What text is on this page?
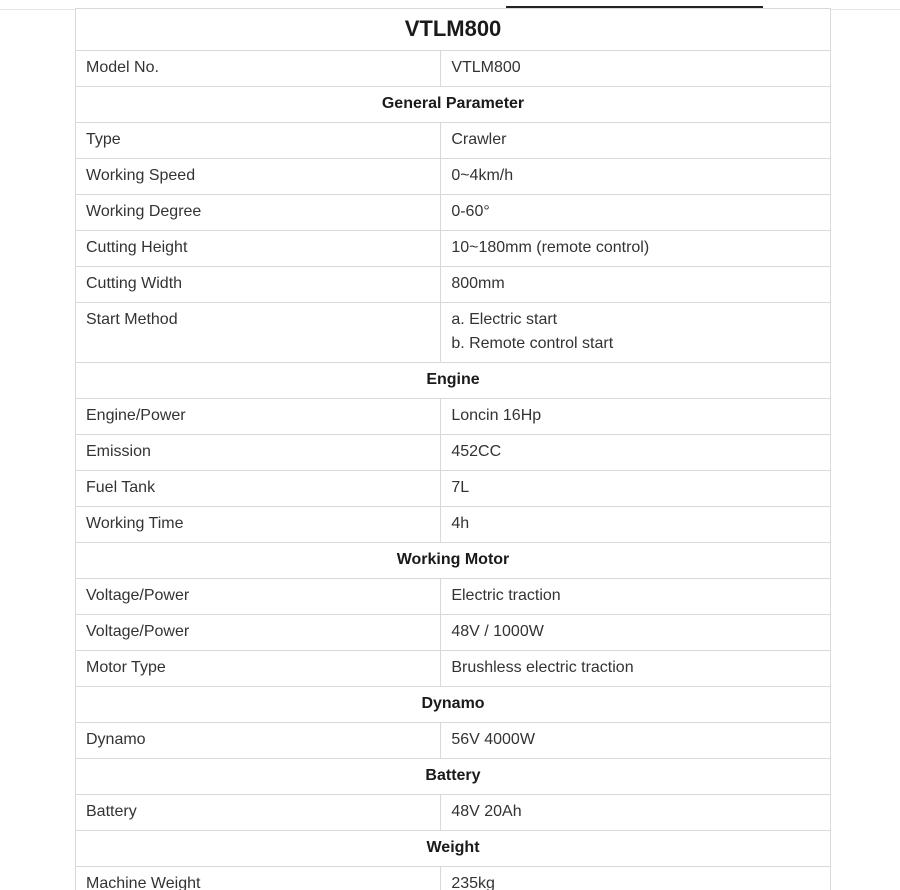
VTLM800	
Model No.	VTLM800
General Parameter	
Type	Crawler
Working Speed	0~4km/h
Working Degree	0-60°
Cutting Height	10~180mm (remote control)
Cutting Width	800mm
Start Method	a. Electric start
b. Remote control start

Engine	
Engine/Power	Loncin 16Hp
Emission	452CC
Fuel Tank	7L
Working Time	4h
Working Motor	
Voltage/Power	Electric traction
Voltage/Power	48V / 1000W
Motor Type	Brushless electric traction
Dynamo	
Dynamo	56V 4000W
Battery	
Battery	48V 20Ah
Weight	
Machine Weight	235kg
